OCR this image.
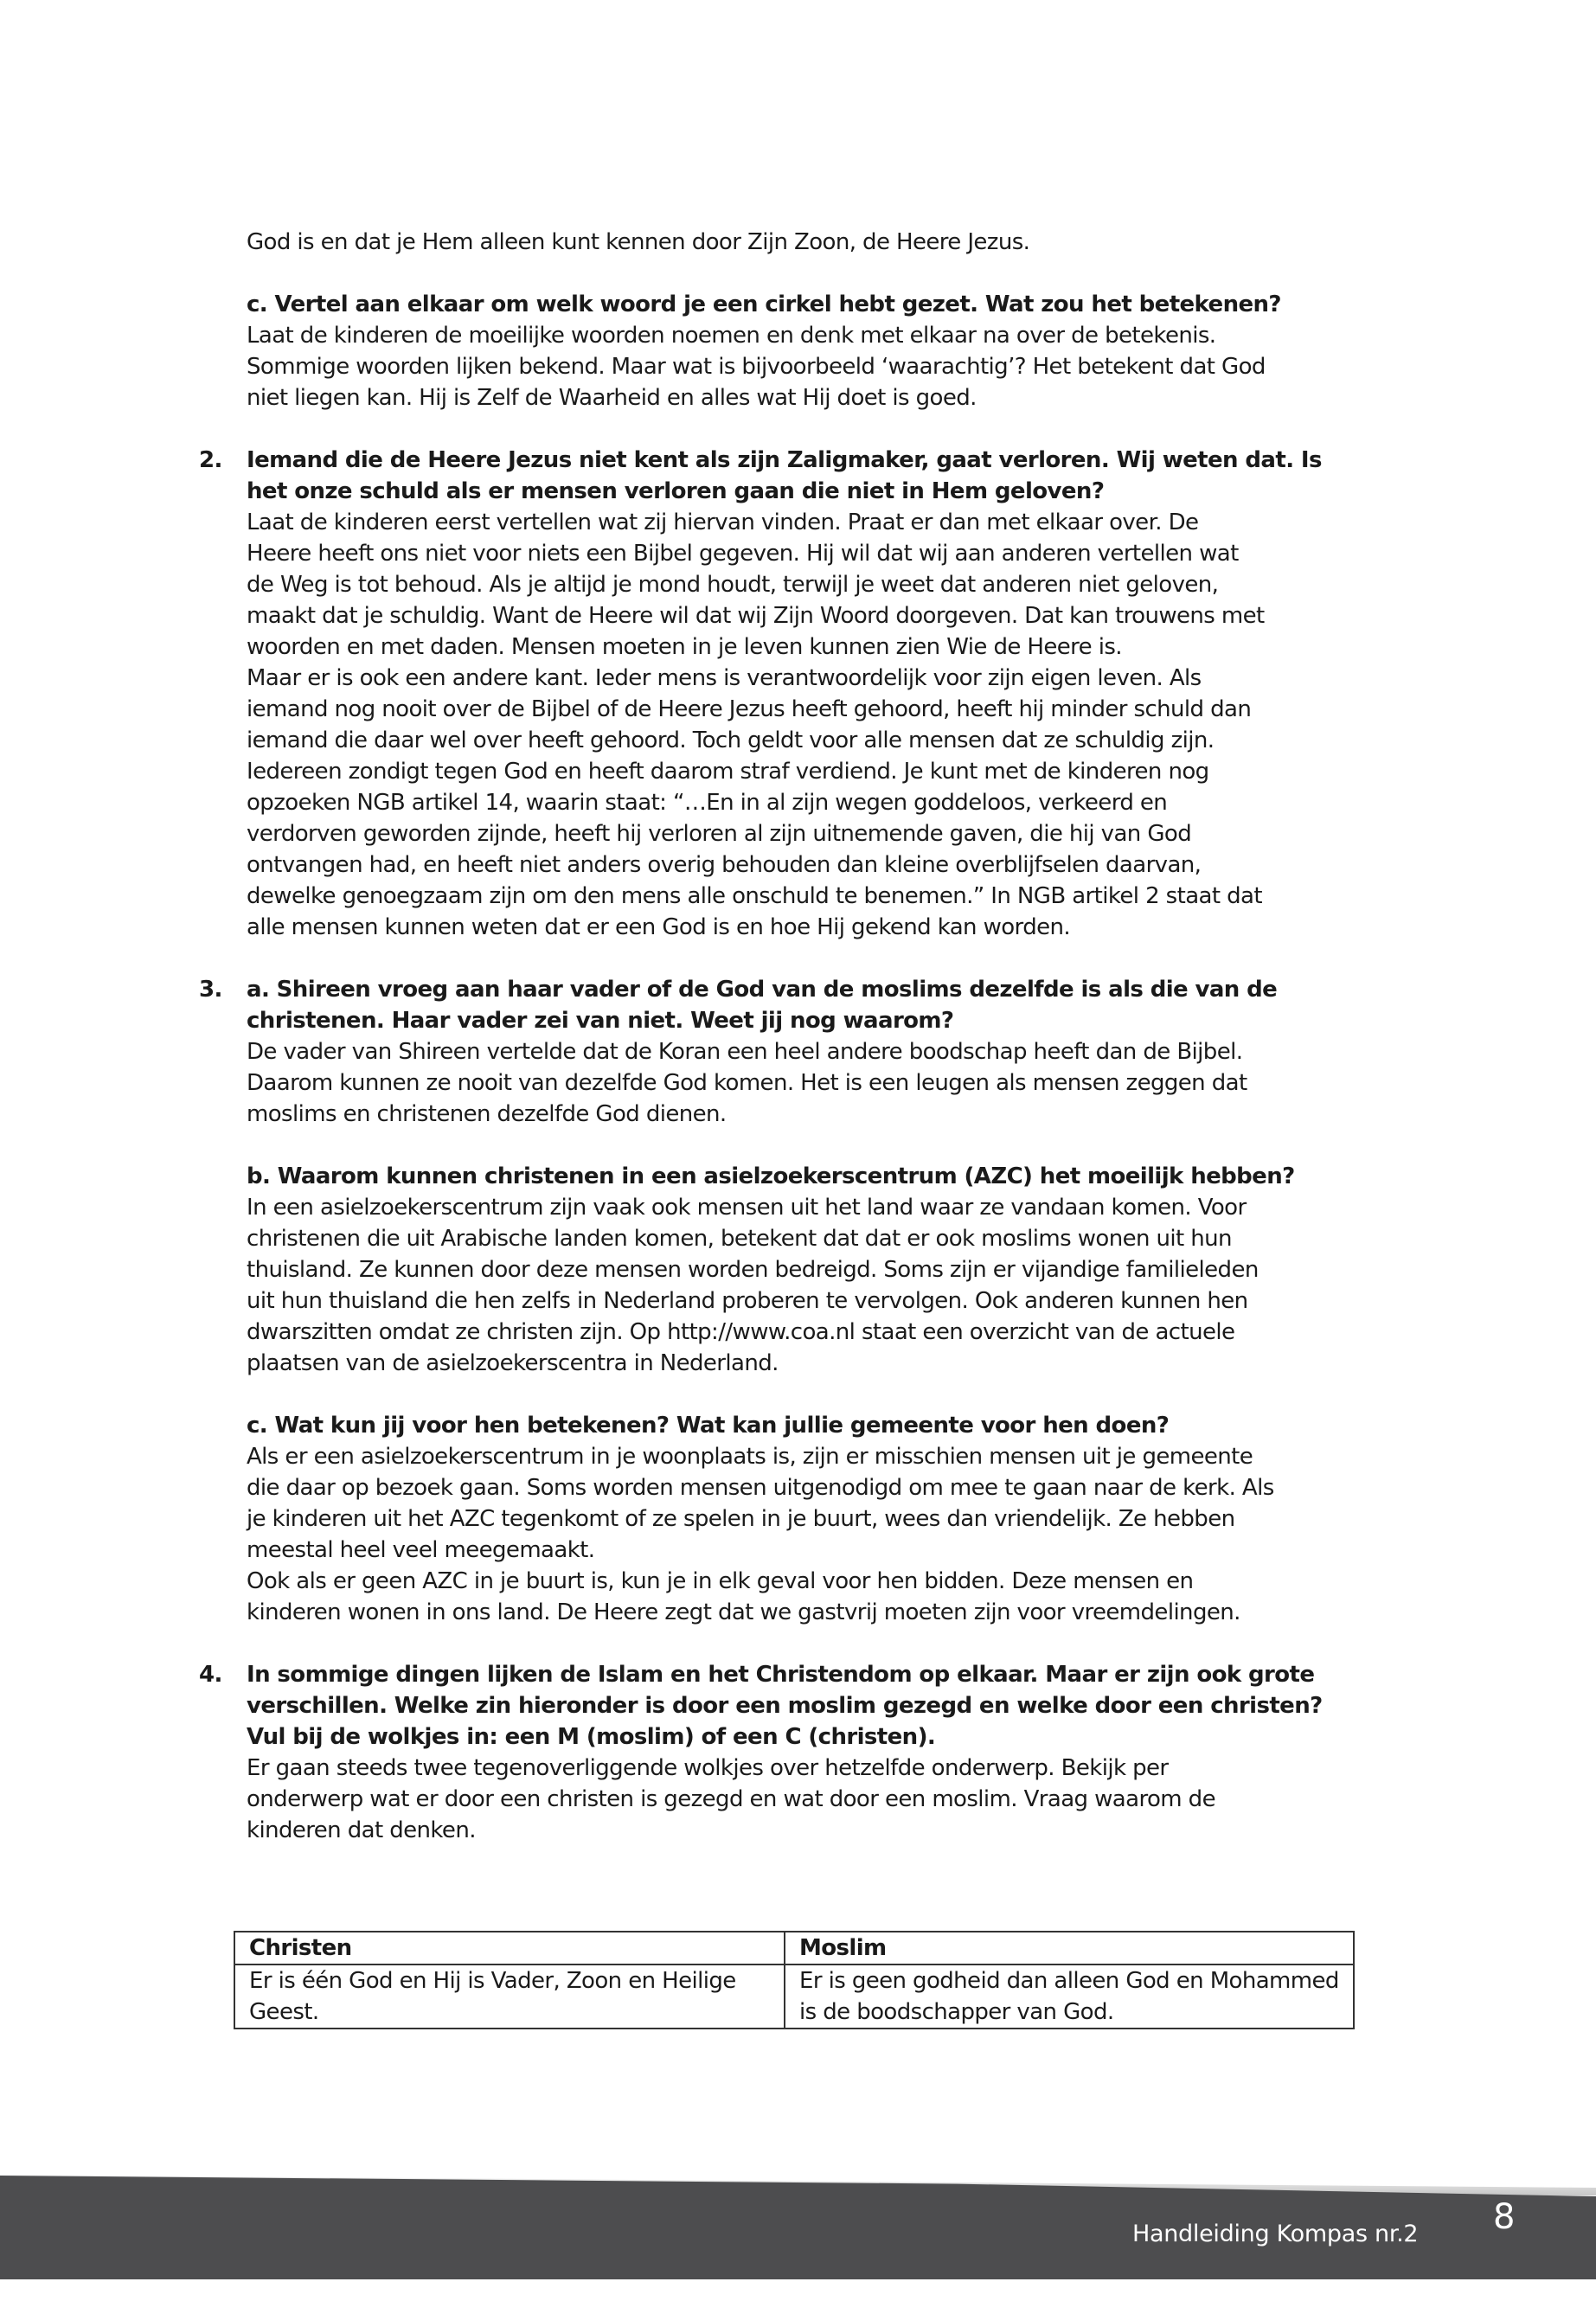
God is en dat je Hem alleen kunt kennen door Zijn Zoon, de Heere Jezus.

c. Vertel aan elkaar om welk woord je een cirkel hebt gezet. Wat zou het betekenen?

Laat de kinderen de moeilijke woorden noemen en denk met elkaar na over de betekenis.

Sommige woorden lijken bekend. Maar wat is bijvoorbeeld ‘waarachtig’? Het betekent dat God

niet liegen kan. Hij is Zelf de Waarheid en alles wat Hij doet is goed.

2.	Iemand die de Heere Jezus niet kent als zijn Zaligmaker, gaat verloren. Wij weten dat. Is

het onze schuld als er mensen verloren gaan die niet in Hem geloven?

Laat de kinderen eerst vertellen wat zij hiervan vinden. Praat er dan met elkaar over. De

Heere heeft ons niet voor niets een Bijbel gegeven. Hij wil dat wij aan anderen vertellen wat

de Weg is tot behoud. Als je altijd je mond houdt, terwijl je weet dat anderen niet geloven,

maakt dat je schuldig. Want de Heere wil dat wij Zijn Woord doorgeven. Dat kan trouwens met

woorden en met daden. Mensen moeten in je leven kunnen zien Wie de Heere is.

Maar er is ook een andere kant. Ieder mens is verantwoordelijk voor zijn eigen leven. Als

iemand nog nooit over de Bijbel of de Heere Jezus heeft gehoord, heeft hij minder schuld dan

iemand die daar wel over heeft gehoord. Toch geldt voor alle mensen dat ze schuldig zijn.

Iedereen zondigt tegen God en heeft daarom straf verdiend. Je kunt met de kinderen nog

opzoeken NGB artikel 14, waarin staat: “…En in al zijn wegen goddeloos, verkeerd en

verdorven geworden zijnde, heeft hij verloren al zijn uitnemende gaven, die hij van God

ontvangen had, en heeft niet anders overig behouden dan kleine overblijfselen daarvan,

dewelke genoegzaam zijn om den mens alle onschuld te benemen.” In NGB artikel 2 staat dat

alle mensen kunnen weten dat er een God is en hoe Hij gekend kan worden.

3.	a. Shireen vroeg aan haar vader of de God van de moslims dezelfde is als die van de

christenen. Haar vader zei van niet. Weet jij nog waarom?

De vader van Shireen vertelde dat de Koran een heel andere boodschap heeft dan de Bijbel.

Daarom kunnen ze nooit van dezelfde God komen. Het is een leugen als mensen zeggen dat

moslims en christenen dezelfde God dienen.

b. Waarom kunnen christenen in een asielzoekerscentrum (AZC) het moeilijk hebben?

In een asielzoekerscentrum zijn vaak ook mensen uit het land waar ze vandaan komen. Voor

christenen die uit Arabische landen komen, betekent dat dat er ook moslims wonen uit hun

thuisland. Ze kunnen door deze mensen worden bedreigd. Soms zijn er vijandige familieleden

uit hun thuisland die hen zelfs in Nederland proberen te vervolgen. Ook anderen kunnen hen

dwarszitten omdat ze christen zijn. Op http://www.coa.nl staat een overzicht van de actuele

plaatsen van de asielzoekerscentra in Nederland.

c. Wat kun jij voor hen betekenen? Wat kan jullie gemeente voor hen doen?

Als er een asielzoekerscentrum in je woonplaats is, zijn er misschien mensen uit je gemeente

die daar op bezoek gaan. Soms worden mensen uitgenodigd om mee te gaan naar de kerk. Als

je kinderen uit het AZC tegenkomt of ze spelen in je buurt, wees dan vriendelijk. Ze hebben

meestal heel veel meegemaakt.

Ook als er geen AZC in je buurt is, kun je in elk geval voor hen bidden. Deze mensen en

kinderen wonen in ons land. De Heere zegt dat we gastvrij moeten zijn voor vreemdelingen.

4.	In sommige dingen lijken de Islam en het Christendom op elkaar. Maar er zijn ook grote

verschillen. Welke zin hieronder is door een moslim gezegd en welke door een christen?

Vul bij de wolkjes in: een M (moslim) of een C (christen).

Er gaan steeds twee tegenoverliggende wolkjes over hetzelfde onderwerp. Bekijk per

onderwerp wat er door een christen is gezegd en wat door een moslim. Vraag waarom de

kinderen dat denken.

Christen	Moslim
Er is één God en Hij is Vader, Zoon en Heilige Geest.	Er is geen godheid dan alleen God en Mohammed is de boodschapper van God.
Handleiding Kompas nr.2 8
